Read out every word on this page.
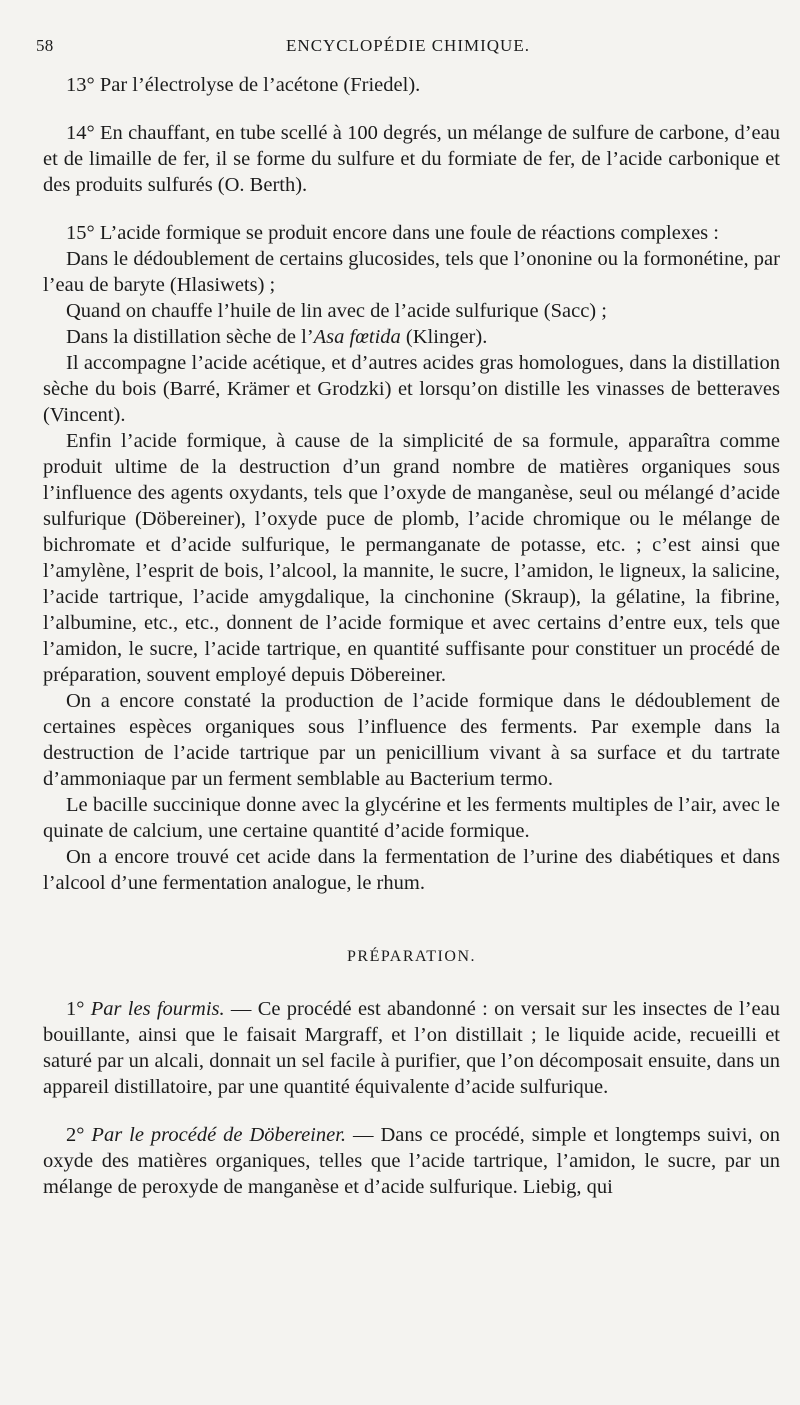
58	ENCYCLOPÉDIE CHIMIQUE.

13° Par l’électrolyse de l’acétone (Friedel).

14° En chauffant, en tube scellé à 100 degrés, un mélange de sulfure de carbone, d’eau et de limaille de fer, il se forme du sulfure et du formiate de fer, de l’acide carbonique et des produits sulfurés (O. Berth).

15° L’acide formique se produit encore dans une foule de réactions complexes :

Dans le dédoublement de certains glucosides, tels que l’ononine ou la formonétine, par l’eau de baryte (Hlasiwets) ;

Quand on chauffe l’huile de lin avec de l’acide sulfurique (Sacc) ;

Dans la distillation sèche de l’Asa fœtida (Klinger).

Il accompagne l’acide acétique, et d’autres acides gras homologues, dans la distillation sèche du bois (Barré, Krämer et Grodzki) et lorsqu’on distille les vinasses de betteraves (Vincent).

Enfin l’acide formique, à cause de la simplicité de sa formule, apparaîtra comme produit ultime de la destruction d’un grand nombre de matières organiques sous l’influence des agents oxydants, tels que l’oxyde de manganèse, seul ou mélangé d’acide sulfurique (Döbereiner), l’oxyde puce de plomb, l’acide chromique ou le mélange de bichromate et d’acide sulfurique, le permanganate de potasse, etc. ; c’est ainsi que l’amylène, l’esprit de bois, l’alcool, la mannite, le sucre, l’amidon, le ligneux, la salicine, l’acide tartrique, l’acide amygdalique, la cinchonine (Skraup), la gélatine, la fibrine, l’albumine, etc., etc., donnent de l’acide formique et avec certains d’entre eux, tels que l’amidon, le sucre, l’acide tartrique, en quantité suffisante pour constituer un procédé de préparation, souvent employé depuis Döbereiner.

On a encore constaté la production de l’acide formique dans le dédoublement de certaines espèces organiques sous l’influence des ferments. Par exemple dans la destruction de l’acide tartrique par un penicillium vivant à sa surface et du tartrate d’ammoniaque par un ferment semblable au Bacterium termo.

Le bacille succinique donne avec la glycérine et les ferments multiples de l’air, avec le quinate de calcium, une certaine quantité d’acide formique.

On a encore trouvé cet acide dans la fermentation de l’urine des diabétiques et dans l’alcool d’une fermentation analogue, le rhum.

PRÉPARATION.

1° Par les fourmis. — Ce procédé est abandonné : on versait sur les insectes de l’eau bouillante, ainsi que le faisait Margraff, et l’on distillait ; le liquide acide, recueilli et saturé par un alcali, donnait un sel facile à purifier, que l’on décomposait ensuite, dans un appareil distillatoire, par une quantité équivalente d’acide sulfurique.

2° Par le procédé de Döbereiner. — Dans ce procédé, simple et longtemps suivi, on oxyde des matières organiques, telles que l’acide tartrique, l’amidon, le sucre, par un mélange de peroxyde de manganèse et d’acide sulfurique. Liebig, qui
